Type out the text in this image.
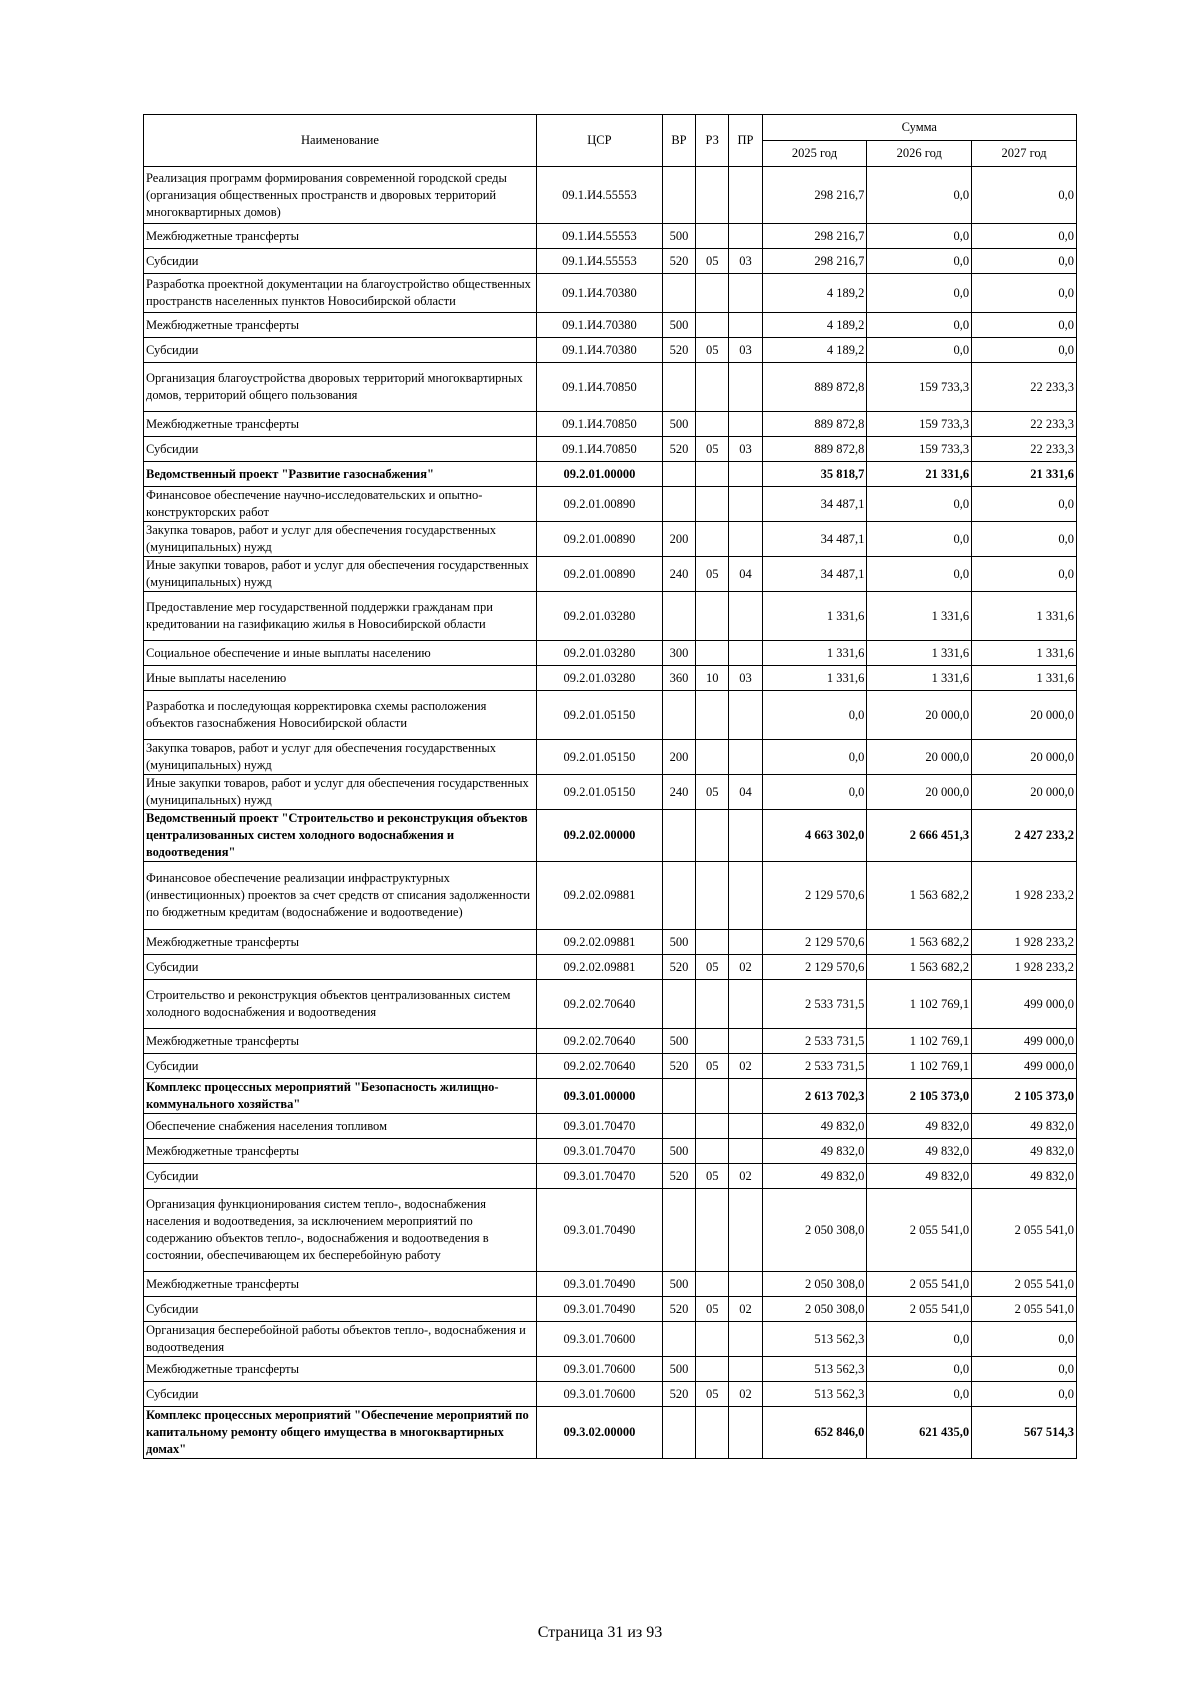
Наименование	ЦСР	ВР	РЗ	ПР	Сумма		
					2025 год	2026 год	2027 год
Реализация программ формирования современной городской среды (организация общественных пространств и дворовых территорий многоквартирных домов)	09.1.И4.55553				298 216,7	0,0	0,0
Межбюджетные трансферты	09.1.И4.55553	500			298 216,7	0,0	0,0
Субсидии	09.1.И4.55553	520	05	03	298 216,7	0,0	0,0
Разработка проектной документации на благоустройство общественных пространств населенных пунктов Новосибирской области	09.1.И4.70380				4 189,2	0,0	0,0
Межбюджетные трансферты	09.1.И4.70380	500			4 189,2	0,0	0,0
Субсидии	09.1.И4.70380	520	05	03	4 189,2	0,0	0,0
Организация благоустройства дворовых территорий многоквартирных домов, территорий общего пользования	09.1.И4.70850				889 872,8	159 733,3	22 233,3
Межбюджетные трансферты	09.1.И4.70850	500			889 872,8	159 733,3	22 233,3
Субсидии	09.1.И4.70850	520	05	03	889 872,8	159 733,3	22 233,3
Ведомственный проект "Развитие газоснабжения"	09.2.01.00000				35 818,7	21 331,6	21 331,6
Финансовое обеспечение научно-исследовательских и опытно-конструкторских работ	09.2.01.00890				34 487,1	0,0	0,0
Закупка товаров, работ и услуг для обеспечения государственных (муниципальных) нужд	09.2.01.00890	200			34 487,1	0,0	0,0
Иные закупки товаров, работ и услуг для обеспечения государственных (муниципальных) нужд	09.2.01.00890	240	05	04	34 487,1	0,0	0,0
Предоставление мер государственной поддержки гражданам при кредитовании на газификацию жилья в Новосибирской области	09.2.01.03280				1 331,6	1 331,6	1 331,6
Социальное обеспечение и иные выплаты населению	09.2.01.03280	300			1 331,6	1 331,6	1 331,6
Иные выплаты населению	09.2.01.03280	360	10	03	1 331,6	1 331,6	1 331,6
Разработка и последующая корректировка схемы расположения объектов газоснабжения Новосибирской области	09.2.01.05150				0,0	20 000,0	20 000,0
Закупка товаров, работ и услуг для обеспечения государственных (муниципальных) нужд	09.2.01.05150	200			0,0	20 000,0	20 000,0
Иные закупки товаров, работ и услуг для обеспечения государственных (муниципальных) нужд	09.2.01.05150	240	05	04	0,0	20 000,0	20 000,0
Ведомственный проект "Строительство и реконструкция объектов централизованных систем холодного водоснабжения и водоотведения"	09.2.02.00000				4 663 302,0	2 666 451,3	2 427 233,2
Финансовое обеспечение реализации инфраструктурных (инвестиционных) проектов за счет средств от списания задолженности по бюджетным кредитам (водоснабжение и водоотведение)	09.2.02.09881				2 129 570,6	1 563 682,2	1 928 233,2
Межбюджетные трансферты	09.2.02.09881	500			2 129 570,6	1 563 682,2	1 928 233,2
Субсидии	09.2.02.09881	520	05	02	2 129 570,6	1 563 682,2	1 928 233,2
Строительство и реконструкция объектов централизованных систем холодного водоснабжения и водоотведения	09.2.02.70640				2 533 731,5	1 102 769,1	499 000,0
Межбюджетные трансферты	09.2.02.70640	500			2 533 731,5	1 102 769,1	499 000,0
Субсидии	09.2.02.70640	520	05	02	2 533 731,5	1 102 769,1	499 000,0
Комплекс процессных мероприятий "Безопасность жилищно-коммунального хозяйства"	09.3.01.00000				2 613 702,3	2 105 373,0	2 105 373,0
Обеспечение снабжения населения топливом	09.3.01.70470				49 832,0	49 832,0	49 832,0
Межбюджетные трансферты	09.3.01.70470	500			49 832,0	49 832,0	49 832,0
Субсидии	09.3.01.70470	520	05	02	49 832,0	49 832,0	49 832,0
Организация функционирования систем тепло-, водоснабжения населения и водоотведения, за исключением мероприятий по содержанию объектов тепло-, водоснабжения и водоотведения в состоянии, обеспечивающем их бесперебойную работу	09.3.01.70490				2 050 308,0	2 055 541,0	2 055 541,0
Межбюджетные трансферты	09.3.01.70490	500			2 050 308,0	2 055 541,0	2 055 541,0
Субсидии	09.3.01.70490	520	05	02	2 050 308,0	2 055 541,0	2 055 541,0
Организация бесперебойной работы объектов тепло-, водоснабжения и водоотведения	09.3.01.70600				513 562,3	0,0	0,0
Межбюджетные трансферты	09.3.01.70600	500			513 562,3	0,0	0,0
Субсидии	09.3.01.70600	520	05	02	513 562,3	0,0	0,0
Комплекс процессных мероприятий "Обеспечение мероприятий по капитальному ремонту общего имущества в многоквартирных домах"	09.3.02.00000				652 846,0	621 435,0	567 514,3
Страница 31 из 93
